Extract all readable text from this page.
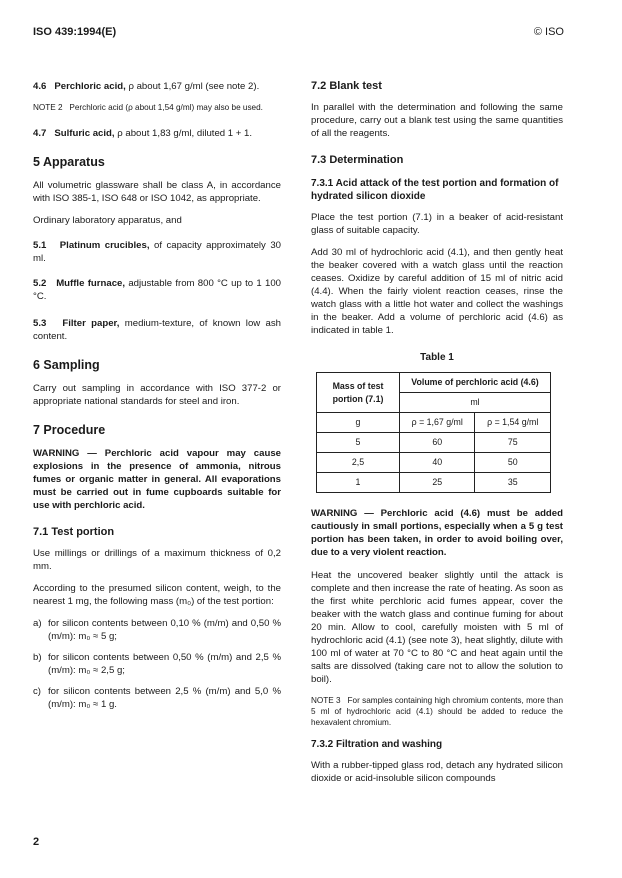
ISO 439:1994(E)	© ISO

4.6 Perchloric acid, ρ about 1,67 g/ml (see note 2).

NOTE 2 Perchloric acid (ρ about 1,54 g/ml) may also be used.

4.7 Sulfuric acid, ρ about 1,83 g/ml, diluted 1 + 1.

5 Apparatus

All volumetric glassware shall be class A, in accordance with ISO 385-1, ISO 648 or ISO 1042, as appropriate.

Ordinary laboratory apparatus, and

5.1 Platinum crucibles, of capacity approximately 30 ml.

5.2 Muffle furnace, adjustable from 800 °C up to 1 100 °C.

5.3 Filter paper, medium-texture, of known low ash content.

6 Sampling

Carry out sampling in accordance with ISO 377-2 or appropriate national standards for steel and iron.

7 Procedure

WARNING — Perchloric acid vapour may cause explosions in the presence of ammonia, nitrous fumes or organic matter in general. All evaporations must be carried out in fume cupboards suitable for use with perchloric acid.

7.1 Test portion

Use millings or drillings of a maximum thickness of 0,2 mm.

According to the presumed silicon content, weigh, to the nearest 1 mg, the following mass (m₀) of the test portion:

a) for silicon contents between 0,10 % (m/m) and 0,50 % (m/m): m₀ ≈ 5 g;
b) for silicon contents between 0,50 % (m/m) and 2,5 % (m/m): m₀ ≈ 2,5 g;
c) for silicon contents between 2,5 % (m/m) and 5,0 % (m/m): m₀ ≈ 1 g.
7.2 Blank test

In parallel with the determination and following the same procedure, carry out a blank test using the same quantities of all the reagents.

7.3 Determination
7.3.1 Acid attack of the test portion and formation of hydrated silicon dioxide

Place the test portion (7.1) in a beaker of acid-resistant glass of suitable capacity.

Add 30 ml of hydrochloric acid (4.1), and then gently heat the beaker covered with a watch glass until the reaction ceases. Oxidize by careful addition of 15 ml of nitric acid (4.4). When the fairly violent reaction ceases, rinse the watch glass with a little hot water and collect the washings in the beaker. Add a volume of perchloric acid (4.6) as indicated in table 1.

Table 1
Mass of test portion (7.1)	Volume of perchloric acid (4.6)	
	ml	
g	ρ = 1,67 g/ml	ρ = 1,54 g/ml
5	60	75
2,5	40	50
1	25	35

WARNING — Perchloric acid (4.6) must be added cautiously in small portions, especially when a 5 g test portion has been taken, in order to avoid boiling over, due to a very violent reaction.

Heat the uncovered beaker slightly until the attack is complete and then increase the rate of heating. As soon as the first white perchloric acid fumes appear, cover the beaker with the watch glass and continue fuming for about 20 min. Allow to cool, carefully moisten with 5 ml of hydrochloric acid (4.1) (see note 3), heat slightly, dilute with 100 ml of water at 70 °C to 80 °C and heat again until the salts are dissolved (taking care not to allow the solution to boil).

NOTE 3 For samples containing high chromium contents, more than 5 ml of hydrochloric acid (4.1) should be added to reduce the hexavalent chromium.

7.3.2 Filtration and washing

With a rubber-tipped glass rod, detach any hydrated silicon dioxide or acid-insoluble silicon compounds

2
